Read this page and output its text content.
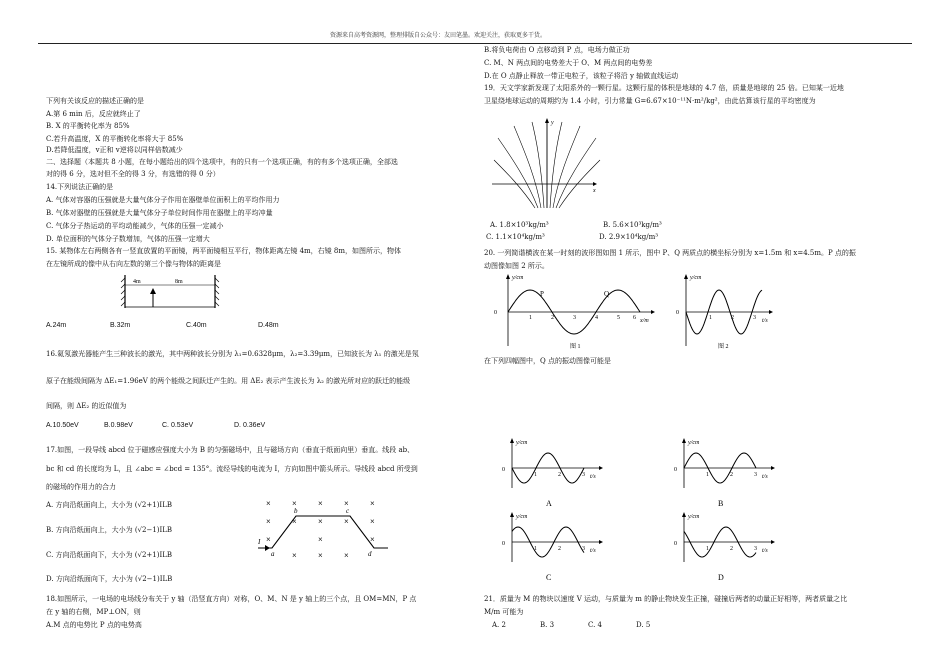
资源来自高考资源网，整理排版自公众号：友田笔墨。欢迎关注，获取更多干货。
下列有关该反应的描述正确的是
A.第 6 min 后，反应就终止了
B. X 的平衡转化率为 85%
C.若升高温度，X 的平衡转化率将大于 85%
D.若降低温度，v正和 v逆将以同样倍数减少
二、选择题（本题共 8 小题，在每小题给出的四个选项中，有的只有一个选项正确，有的有多个选项正确，全部选
对的得 6 分，选对但不全的得 3 分，有选错的得 0 分）
14.下列说法正确的是
A. 气体对容器的压强就是大量气体分子作用在器壁单位面积上的平均作用力
B. 气体对器壁的压强就是大量气体分子单位时间作用在器壁上的平均冲量
C. 气体分子热运动的平均动能减少，气体的压强一定减小
D. 单位面积的气体分子数增加，气体的压强一定增大
15. 某物体左右两侧各有一竖直放置的平面镜，两平面镜相互平行，物体距离左镜 4m，右镜 8m，如图所示，物体
在左镜所成的像中从右向左数的第三个像与物体的距离是
4m	8m
A.24m	B.32m	C.40m	D.48m
16.氦氖激光器能产生三种波长的激光，其中两种波长分别为 λ₁=0.6328μm，λ₂=3.39μm，已知波长为 λ₁ 的激光是氖
原子在能级间隔为 ΔE₁=1.96eV 的两个能级之间跃迁产生的。用 ΔE₂ 表示产生波长为 λ₂ 的激光所对应的跃迁的能级
间隔，则 ΔE₂ 的近似值为
A.10.50eV	B.0.98eV	C. 0.53eV	D. 0.36eV
17.如图，一段导线 abcd 位于磁感应强度大小为 B 的匀强磁场中，且与磁场方向（垂直于纸面向里）垂直。线段 ab、
bc 和 cd 的长度均为 L，且 ∠abc = ∠bcd = 135°。流经导线的电流为 I，方向如图中箭头所示。导线段 abcd 所受到
的磁场的作用力的合力
A. 方向沿纸面向上，大小为 (√2+1)ILB
B. 方向沿纸面向上，大小为 (√2−1)ILB
C. 方向沿纸面向下，大小为 (√2+1)ILB
D. 方向沿纸面向下，大小为 (√2−1)ILB
×	×	×	×	×
×	×	×	×	×
×	×	×
×	×	×
I
a
b	c
d
18.如图所示，一电场的电场线分布关于 y 轴（沿竖直方向）对称，O、M、N 是 y 轴上的三个点，且 OM=MN，P 点
在 y 轴的右侧，MP⊥ON，则
A.M 点的电势比 P 点的电势高
B.将负电荷由 O 点移动到 P 点，电场力做正功
C. M、N 两点间的电势差大于 O、M 两点间的电势差
D.在 O 点静止释放一带正电粒子，该粒子将沿 y 轴做直线运动
19．天文学家新发现了太阳系外的一颗行星。这颗行星的体积是地球的 4.7 倍，质量是地球的 25 倍。已知某一近地
卫星绕地球运动的周期约为 1.4 小时，引力常量 G=6.67×10⁻¹¹N·m²/kg²，由此估算该行星的平均密度为
y
x
A. 1.8×10³kg/m³	B. 5.6×10³kg/m³
C. 1.1×10⁴kg/m³	D. 2.9×10⁴kg/m³
20. 一列简谐横波在某一时刻的波形图如图 1 所示，图中 P、Q 两质点的横坐标分别为 x=1.5m 和 x=4.5m。P 点的振
动图像如图 2 所示。
y/cm
x/m
0
1	2	3	4	5 6
P	Q
图 1
y/cm
t/s
0
1	2	3
图 2
在下列四幅图中，Q 点的振动图像可能是
y/cm
t/s
0
1	2	3
A
y/cm
t/s
0
1	2	3
B
y/cm
t/s
0
1	2	3
C
y/cm
t/s
0
1	2	3
D
21．质量为 M 的物块以速度 V 运动，与质量为 m 的静止物块发生正撞，碰撞后两者的动量正好相等，两者质量之比
M/m 可能为
A. 2	B. 3	C. 4	D. 5
